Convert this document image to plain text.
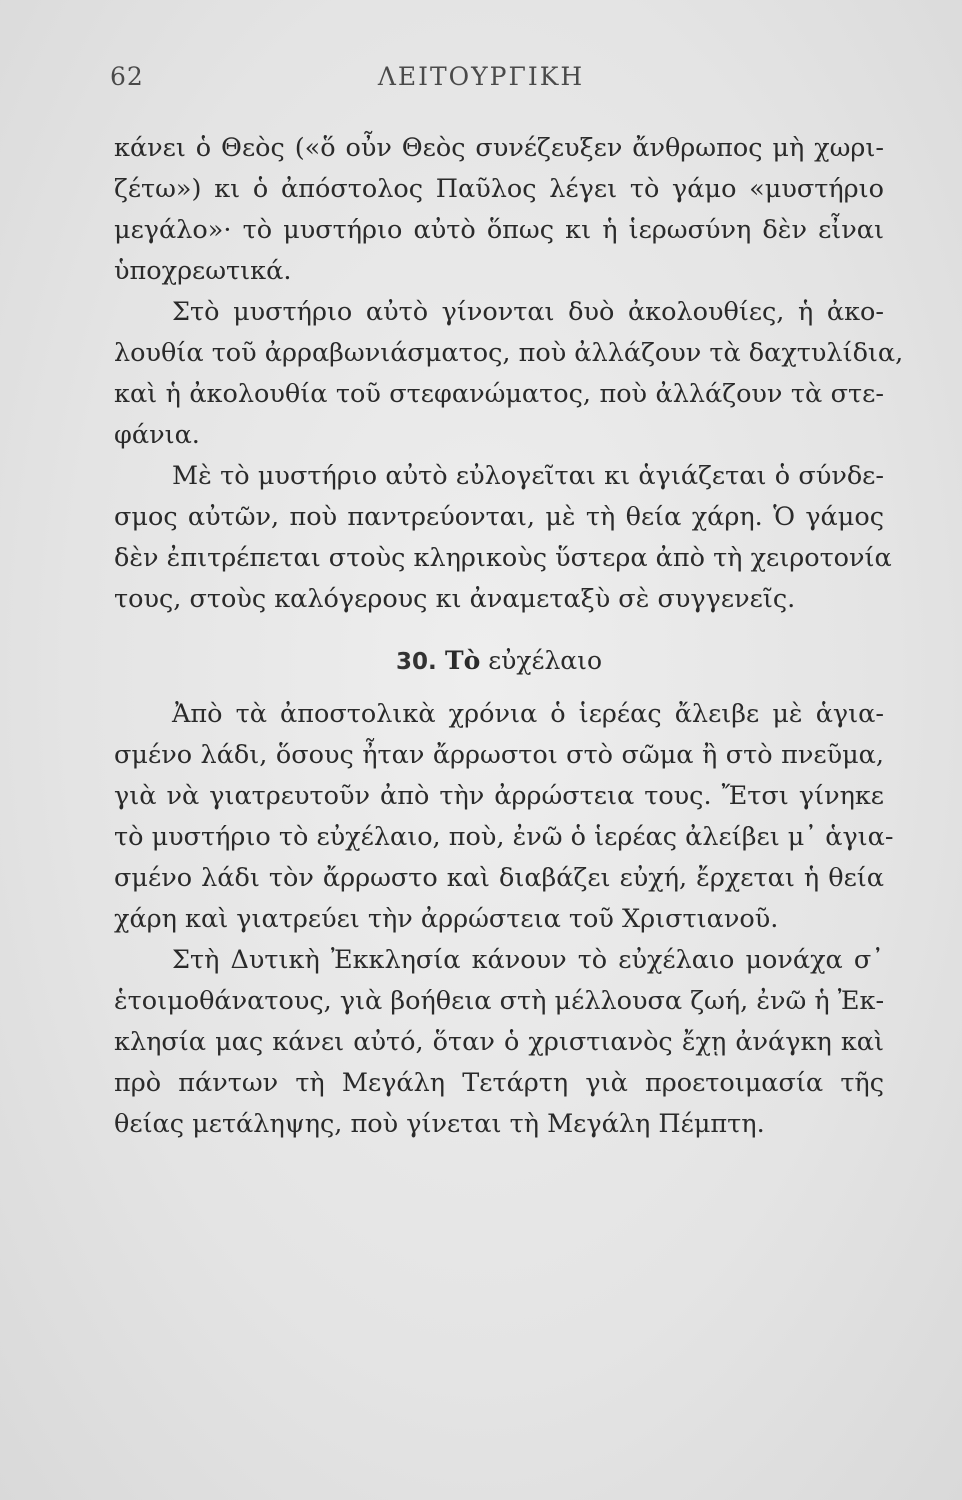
62	ΛΕΙΤΟΥΡΓΙΚΗ
κάνει ὁ Θεὸς («ὅ οὖν Θεὸς συνέζευξεν ἄνθρωπος μὴ χωρι-
ζέτω») κι ὁ ἀπόστολος Παῦλος λέγει τὸ γάμο «μυστήριο
μεγάλο»· τὸ μυστήριο αὐτὸ ὅπως κι ἡ ἱερωσύνη δὲν εἶναι
ὑποχρεωτικά.
Στὸ μυστήριο αὐτὸ γίνονται δυὸ ἀκολουθίες, ἡ ἀκο-
λουθία τοῦ ἀρραβωνιάσματος, ποὺ ἀλλάζουν τὰ δαχτυλίδια,
καὶ ἡ ἀκολουθία τοῦ στεφανώματος, ποὺ ἀλλάζουν τὰ στε-
φάνια.
Μὲ τὸ μυστήριο αὐτὸ εὐλογεῖται κι ἁγιάζεται ὁ σύνδε-
σμος αὐτῶν, ποὺ παντρεύονται, μὲ τὴ θεία χάρη. Ὁ γάμος
δὲν ἐπιτρέπεται στοὺς κληρικοὺς ὕστερα ἀπὸ τὴ χειροτονία
τους, στοὺς καλόγερους κι ἀναμεταξὺ σὲ συγγενεῖς.
30. Τὸ εὐχέλαιο
Ἀπὸ τὰ ἀποστολικὰ χρόνια ὁ ἱερέας ἄλειβε μὲ ἁγια-
σμένο λάδι, ὅσους ἦταν ἄρρωστοι στὸ σῶμα ἢ στὸ πνεῦμα,
γιὰ νὰ γιατρευτοῦν ἀπὸ τὴν ἀρρώστεια τους. Ἔτσι γίνηκε
τὸ μυστήριο τὸ εὐχέλαιο, ποὺ, ἐνῶ ὁ ἱερέας ἀλείβει μ᾿ ἁγια-
σμένο λάδι τὸν ἄρρωστο καὶ διαβάζει εὐχή, ἔρχεται ἡ θεία
χάρη καὶ γιατρεύει τὴν ἀρρώστεια τοῦ Χριστιανοῦ.
Στὴ Δυτικὴ Ἐκκλησία κάνουν τὸ εὐχέλαιο μονάχα σ᾿
ἑτοιμοθάνατους, γιὰ βοήθεια στὴ μέλλουσα ζωή, ἐνῶ ἡ Ἐκ-
κλησία μας κάνει αὐτό, ὅταν ὁ χριστιανὸς ἔχῃ ἀνάγκη καὶ
πρὸ πάντων τὴ Μεγάλη Τετάρτη γιὰ προετοιμασία τῆς
θείας μετάληψης, ποὺ γίνεται τὴ Μεγάλη Πέμπτη.
